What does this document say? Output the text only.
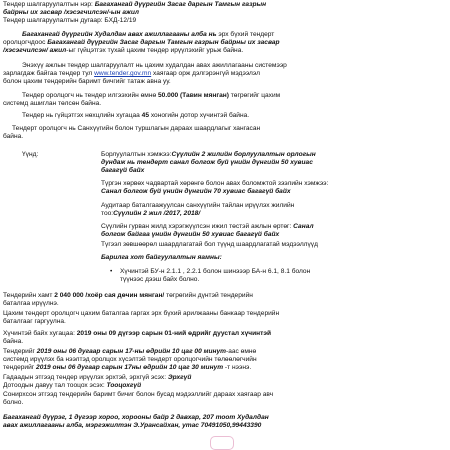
Тендер шалгаруулалтын нэр: Багахангай дүүргийн Засаг даргын Тамгын газрын
байрны их засвар /хэсэгчилсэн/-ын ажил
Тендер шалгаруулалтын дугаар: БХД-12/19
Багахангай дүүргийн Худалдан авах ажиллагааны алба нь эрх бүхий тендерт
оролцогчдоос Багахангай дүүргийн Засаг даргын Тамгын газрын байрны их засвар
/хэсэгчилсэн/ ажил-ыг гүйцэтгэх тухай цахим тендер ирүүлэхийг урьж байна.
Энэхүү ажлын тендер шалгаруулалт нь цахим худалдан авах ажиллагааны системээр
зарлагдаж байгаа тендер тул www.tender.gov.mn хаягаар орж дэлгэрэнгүй мэдээлэл
болон цахим тендерийн баримт бичгийг татаж авна уу.
Тендер оролцогч нь тендер илгээхийн өмнө 50.000 (Тавин мянган) төгрөгийг цахим
системд ашиглан төлсөн байна.
Тендер нь гүйцэтгэх нөхцлийн хугацаа 45 хоногийн дотор хүчинтэй байна.
Тендерт оролцогч нь Санхүүгийн болон туршлагын дараах шаардлагыг хангасан
байна.
Үүнд:	Борлуулалтын хэмжээ:Сүүлийн 2 жилийн борлуулалтын орлогын
дундаж нь тендерт санал болгож буй үнийн дүнгийн 50 хувиас
багагүй байх
Түргэн хөрвөх чадвартай хөрөнгө болон авах боломжтой зээлийн хэмжээ:
Санал болгож буй үнийн дүнгийн 70 хувиас багагүй байх
Аудитаар баталгаажуулсан санхүүгийн тайлан ирүүлэх жилийн
тоо:Сүүлийн 2 жил /2017, 2018/
Сүүлийн гурван жилд хэрэгжүүлсэн ижил төстэй ажлын өртөг: Санал
болгож байгаа үнийн дүнгийн 50 хувиас багагүй байх
Түгээл зөвшөөрөл шаардлагатай бол түүнд шаардлагатай мэдээллүүд
Барилга хот байгуулалтын яамны:
• Хүчинтэй БУ-н 2.1.1 , 2.2.1 болон шинэээр БА-н 6.1, 8.1 болон
түүнээс дээш байх болно.
Тендерийн хамт 2 040 000 /хоёр сая дөчин мянган/ төгрөгийн дүнтэй тендерийн
баталгаа ирүүлнэ.
Цахим тендерт оролцогч цахим баталгаа гаргах эрх бүхий арилжааны банкаар тендерийн
баталгааг гаргуулна.
Хүчинтэй байх хугацаа: 2019 оны 09 дүгээр сарын 01-ний өдрийг дуустал хүчинтэй
байна.
Тендерийг 2019 оны 06 дугаар сарын 17-ны өдрийн 10 цаг 00 минут-аас өмнө
системд ирүүлэх ба нээлтэд оролцох хүсэлтэй тендерт оролцогчийн төлөөлөгчийн
тендерийг 2019 оны 06 дугаар сарын 17ны өдрийн 10 цаг 30 минут -т нээнэ.
Гадаадын этгээд тендер ирүүлэх эрхтэй, эрхгүй эсэх: Эрхгүй
Дотоодын давуу тал тооцох эсэх: Тооцохгүй
Сонирхсон этгээд тендерийн баримт бичиг болон бусад мэдээллийг дараах хаягаар авч
болно.
Багахангай дүүрэг, 1 дүгээр хороо, хорооны байр 2 давхар, 207 тоот Худалдан
авах ажиллагааны алба, мэргэжилтэн Э.Урансайхан, утас 70491050,99443390
